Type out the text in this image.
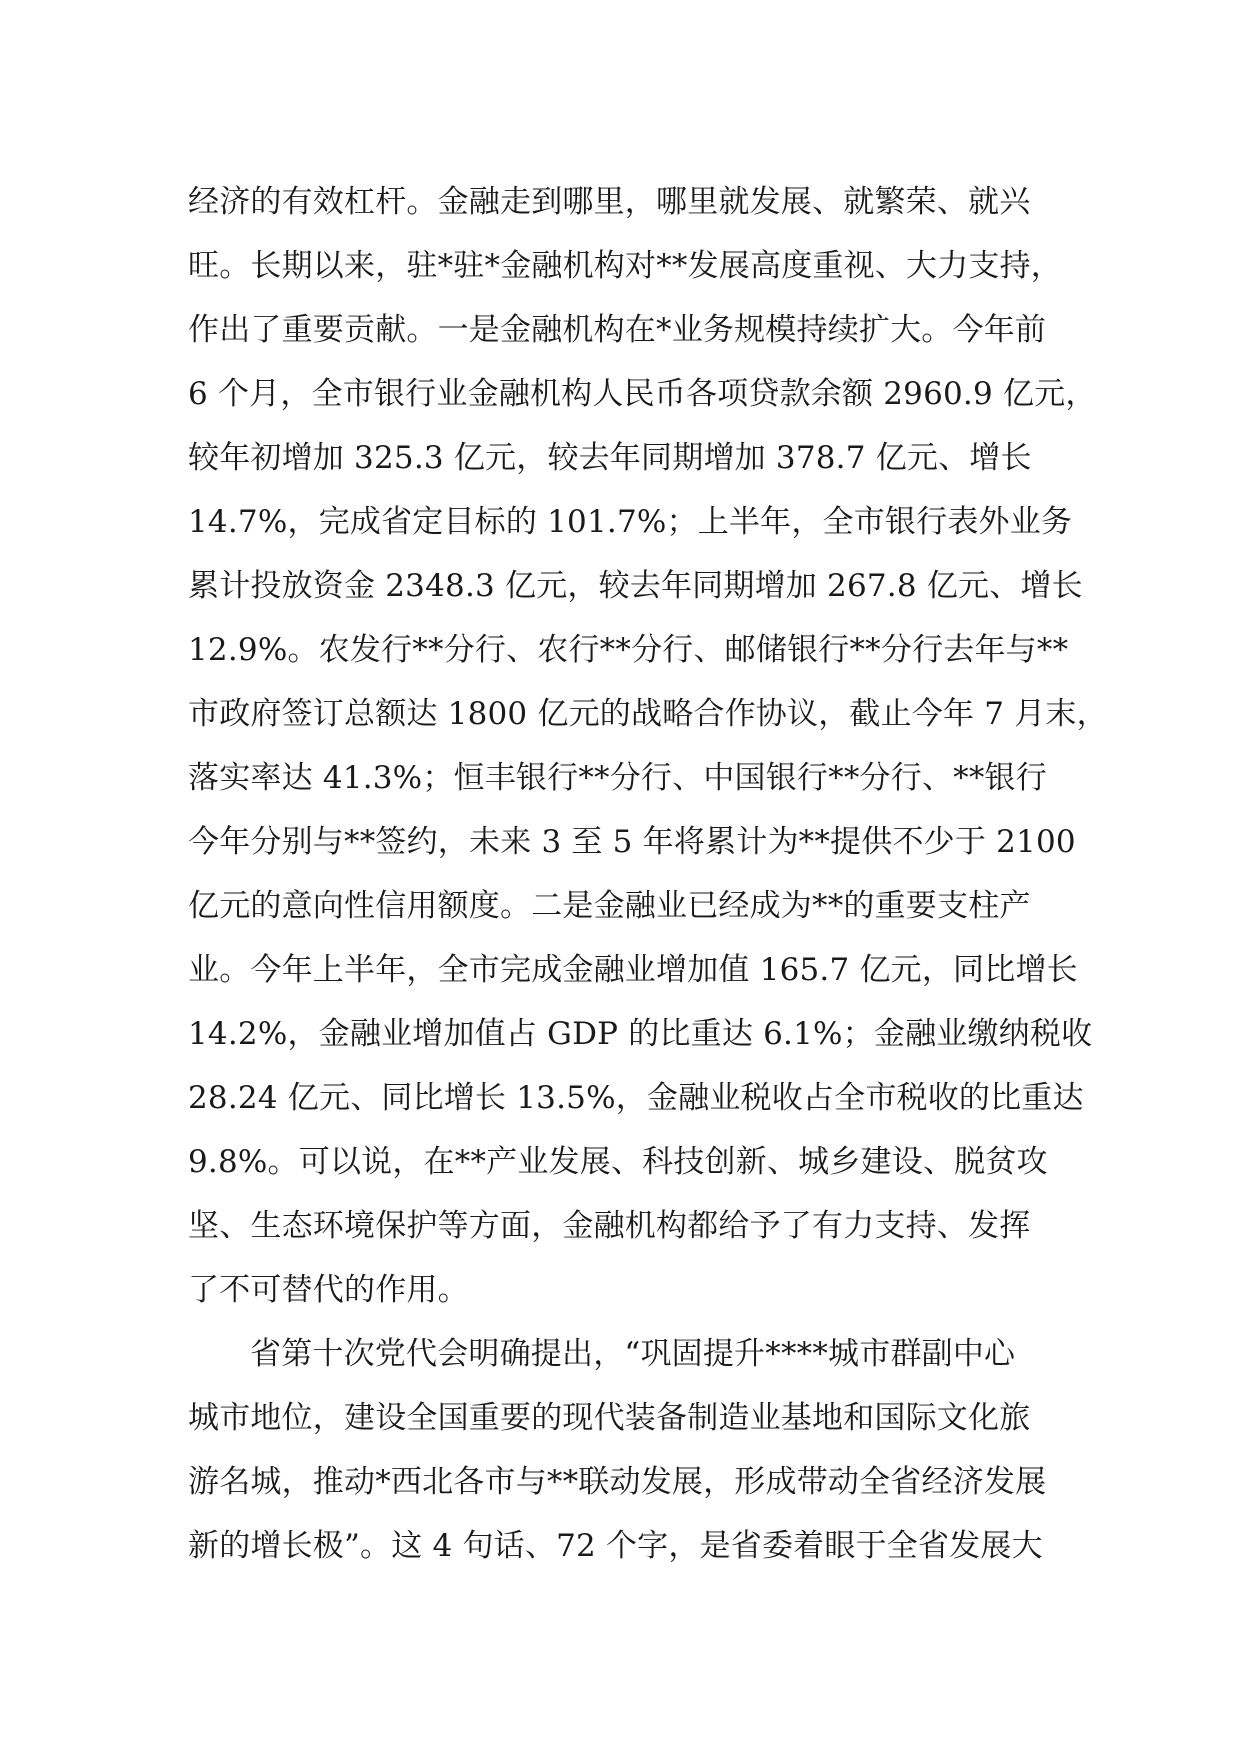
经济的有效杠杆。金融走到哪里，哪里就发展、就繁荣、就兴
旺。长期以来，驻*驻*金融机构对**发展高度重视、大力支持，
作出了重要贡献。一是金融机构在*业务规模持续扩大。今年前
6 个月，全市银行业金融机构人民币各项贷款余额 2960.9 亿元，
较年初增加 325.3 亿元，较去年同期增加 378.7 亿元、增长
14.7%，完成省定目标的 101.7%；上半年，全市银行表外业务
累计投放资金 2348.3 亿元，较去年同期增加 267.8 亿元、增长
12.9%。农发行**分行、农行**分行、邮储银行**分行去年与**
市政府签订总额达 1800 亿元的战略合作协议，截止今年 7 月末，
落实率达 41.3%；恒丰银行**分行、中国银行**分行、**银行
今年分别与**签约，未来 3 至 5 年将累计为**提供不少于 2100
亿元的意向性信用额度。二是金融业已经成为**的重要支柱产
业。今年上半年，全市完成金融业增加值 165.7 亿元，同比增长
14.2%，金融业增加值占 GDP 的比重达 6.1%；金融业缴纳税收
28.24 亿元、同比增长 13.5%，金融业税收占全市税收的比重达
9.8%。可以说，在**产业发展、科技创新、城乡建设、脱贫攻
坚、生态环境保护等方面，金融机构都给予了有力支持、发挥
了不可替代的作用。
省第十次党代会明确提出，“巩固提升****城市群副中心
城市地位，建设全国重要的现代装备制造业基地和国际文化旅
游名城，推动*西北各市与**联动发展，形成带动全省经济发展
新的增长极”。这 4 句话、72 个字，是省委着眼于全省发展大
